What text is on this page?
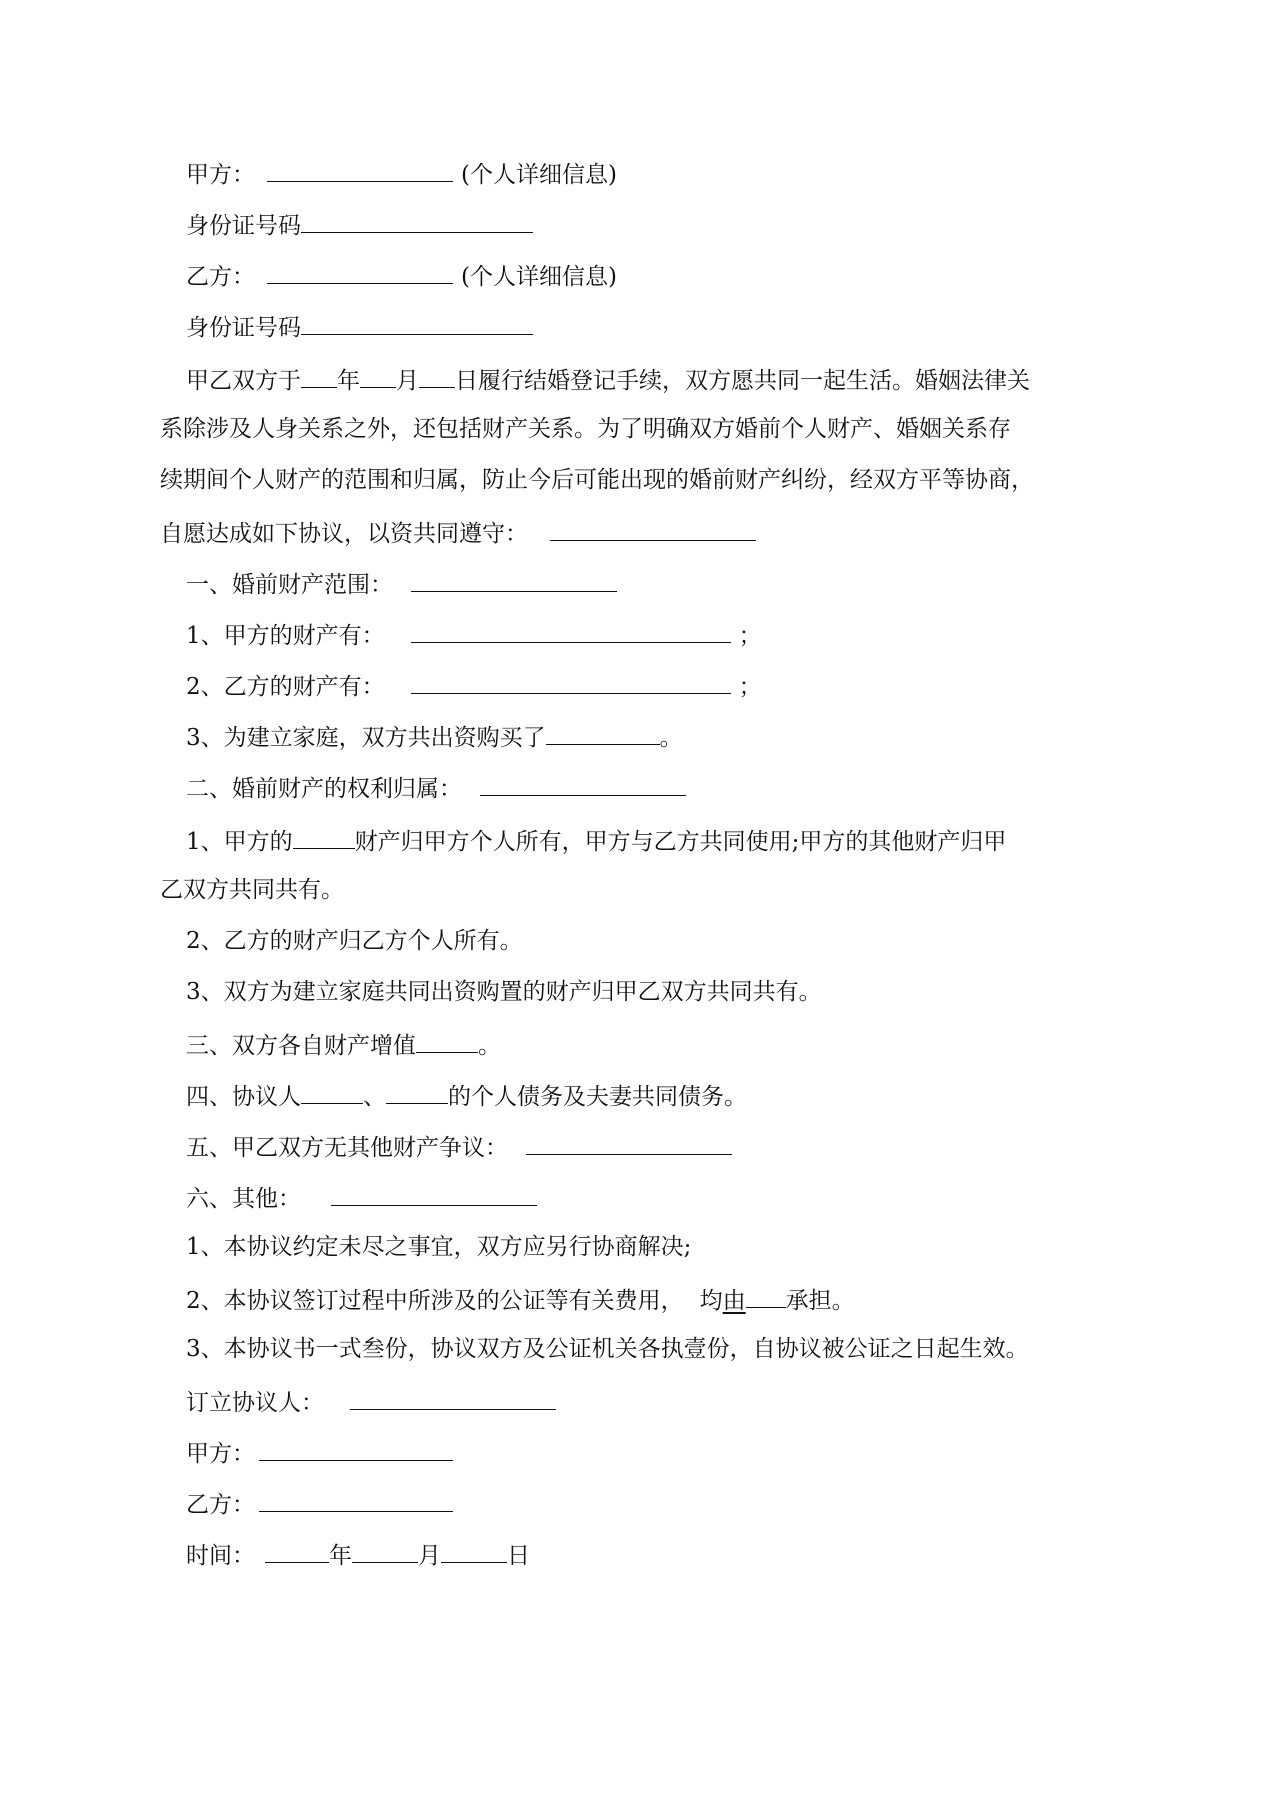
甲方：	(个人详细信息)
身份证号码
乙方：	(个人详细信息)
身份证号码
甲乙双方于 年 月 日履行结婚登记手续，双方愿共同一起生活。婚姻法律关
系除涉及人身关系之外，还包括财产关系。为了明确双方婚前个人财产、婚姻关系存
续期间个人财产的范围和归属，防止今后可能出现的婚前财产纠纷，经双方平等协商，
自愿达成如下协议，以资共同遵守：
一、婚前财产范围：
1、甲方的财产有：	；
2、乙方的财产有：	；
3、为建立家庭，双方共出资购买了	。
二、婚前财产的权利归属：
1、甲方的	财产归甲方个人所有，甲方与乙方共同使用;甲方的其他财产归甲
乙双方共同共有。
2、乙方的财产归乙方个人所有。
3、双方为建立家庭共同出资购置的财产归甲乙双方共同共有。
三、双方各自财产增值	。
四、协议人	、	的个人债务及夫妻共同债务。
五、甲乙双方无其他财产争议：
六、其他：
1、本协议约定未尽之事宜，双方应另行协商解决;
2、本协议签订过程中所涉及的公证等有关费用， 均由 承担。
3、本协议书一式叁份，协议双方及公证机关各执壹份，自协议被公证之日起生效。
订立协议人：
甲方：
乙方：
时间：	年	月	日
